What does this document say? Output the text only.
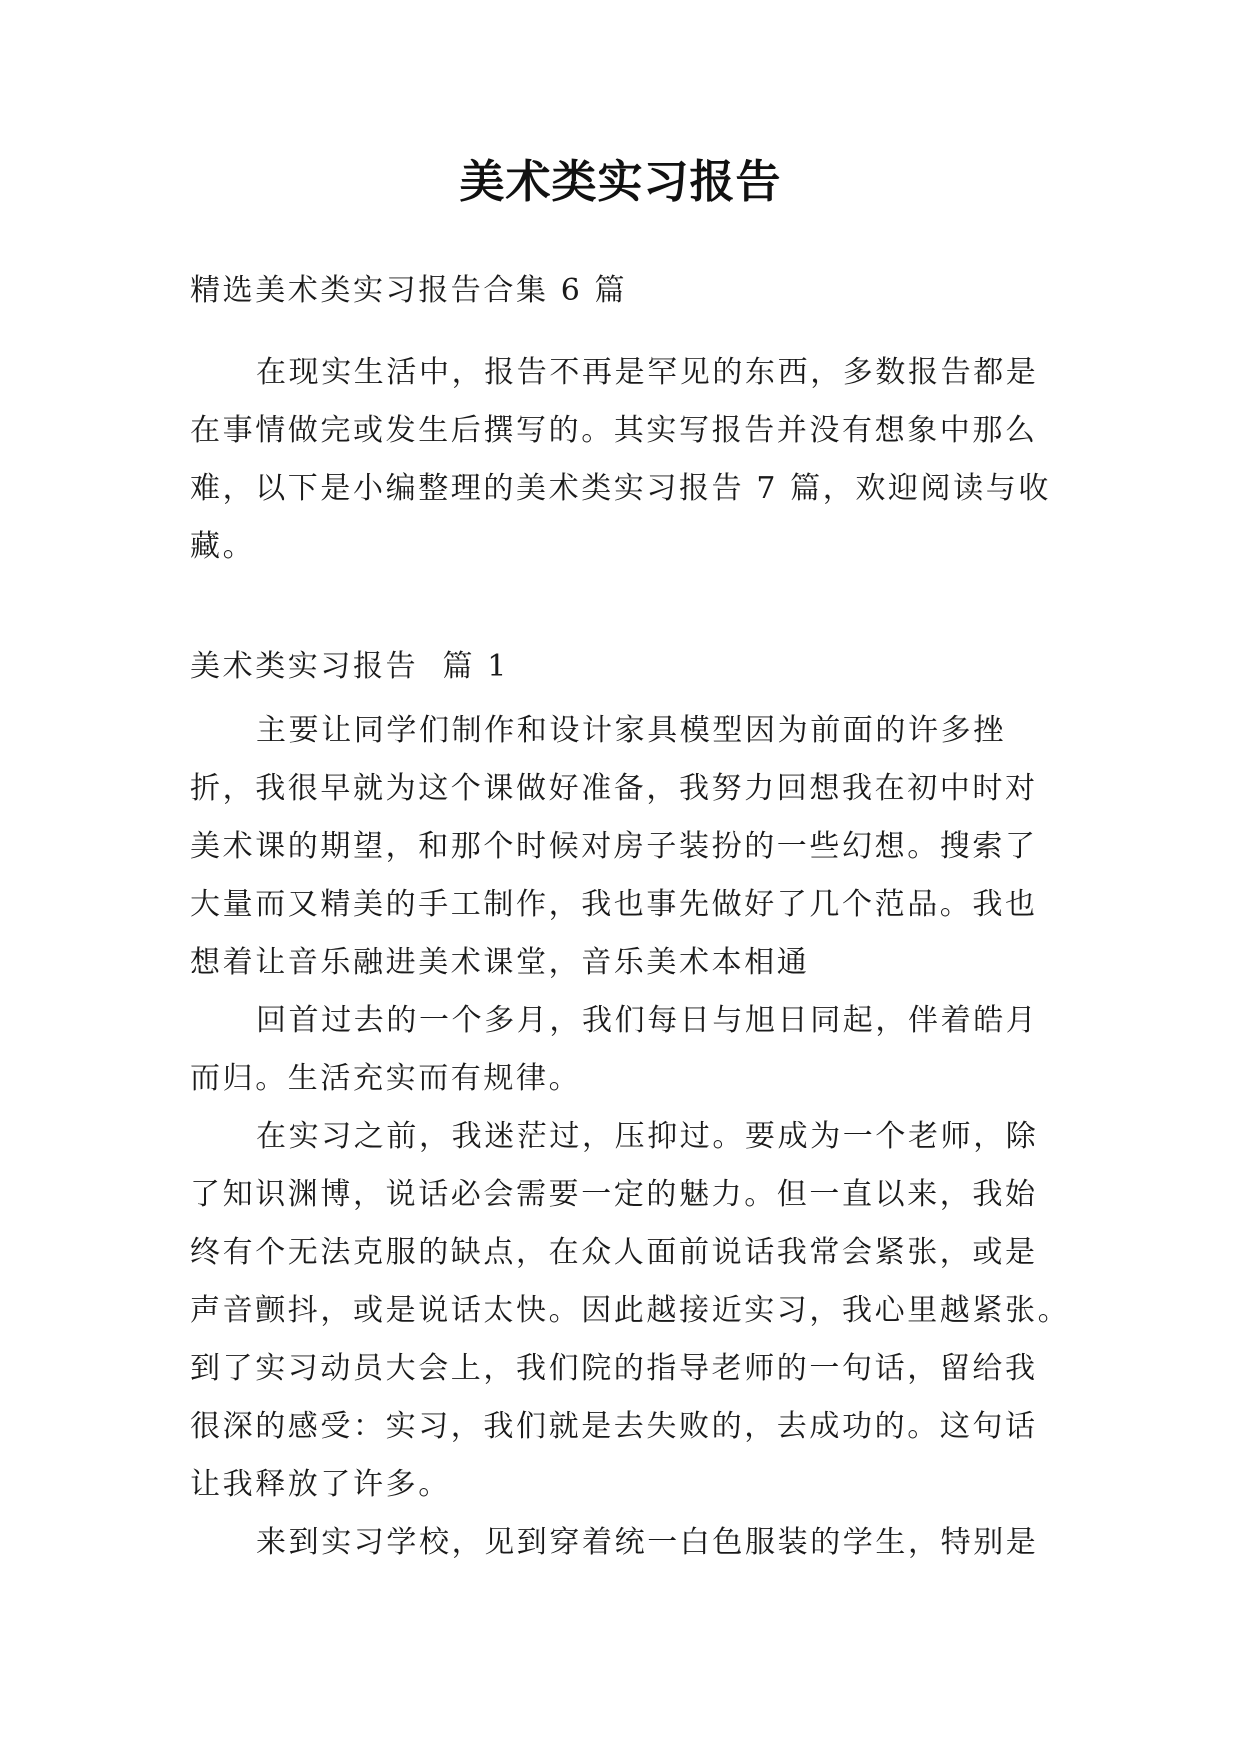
美术类实习报告
精选美术类实习报告合集 6 篇
在现实生活中，报告不再是罕见的东西，多数报告都是
在事情做完或发生后撰写的。其实写报告并没有想象中那么
难，以下是小编整理的美术类实习报告 7 篇，欢迎阅读与收
藏。
美术类实习报告  篇 1
主要让同学们制作和设计家具模型因为前面的许多挫
折，我很早就为这个课做好准备，我努力回想我在初中时对
美术课的期望，和那个时候对房子装扮的一些幻想。搜索了
大量而又精美的手工制作，我也事先做好了几个范品。我也
想着让音乐融进美术课堂，音乐美术本相通
回首过去的一个多月，我们每日与旭日同起，伴着皓月
而归。生活充实而有规律。
在实习之前，我迷茫过，压抑过。要成为一个老师，除
了知识渊博，说话必会需要一定的魅力。但一直以来，我始
终有个无法克服的缺点，在众人面前说话我常会紧张，或是
声音颤抖，或是说话太快。因此越接近实习，我心里越紧张。
到了实习动员大会上，我们院的指导老师的一句话，留给我
很深的感受：实习，我们就是去失败的，去成功的。这句话
让我释放了许多。
来到实习学校，见到穿着统一白色服装的学生，特别是
